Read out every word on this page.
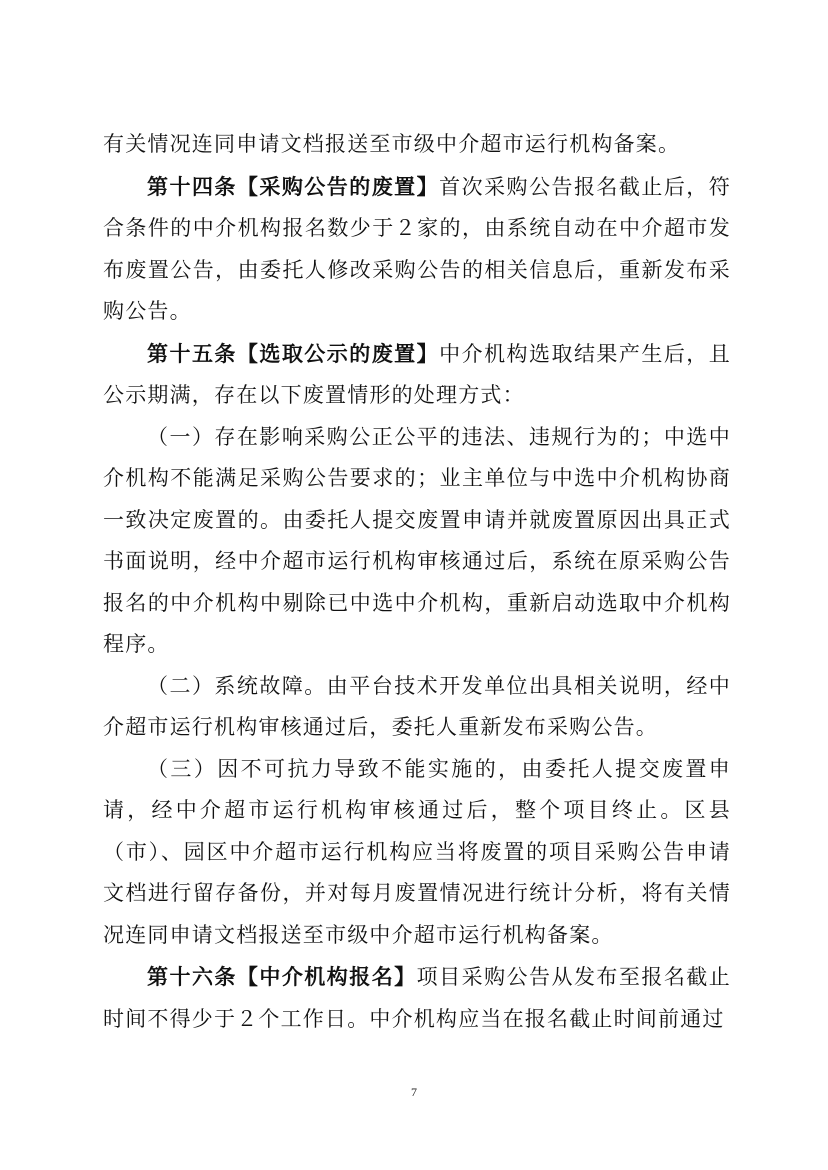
有关情况连同申请文档报送至市级中介超市运行机构备案。

第十四条【采购公告的废置】首次采购公告报名截止后，符合条件的中介机构报名数少于２家的，由系统自动在中介超市发布废置公告，由委托人修改采购公告的相关信息后，重新发布采购公告。

第十五条【选取公示的废置】中介机构选取结果产生后，且公示期满，存在以下废置情形的处理方式：

（一）存在影响采购公正公平的违法、违规行为的；中选中介机构不能满足采购公告要求的；业主单位与中选中介机构协商一致决定废置的。由委托人提交废置申请并就废置原因出具正式书面说明，经中介超市运行机构审核通过后，系统在原采购公告报名的中介机构中剔除已中选中介机构，重新启动选取中介机构程序。

（二）系统故障。由平台技术开发单位出具相关说明，经中介超市运行机构审核通过后，委托人重新发布采购公告。

（三）因不可抗力导致不能实施的，由委托人提交废置申请，经中介超市运行机构审核通过后，整个项目终止。区县（市）、园区中介超市运行机构应当将废置的项目采购公告申请文档进行留存备份，并对每月废置情况进行统计分析，将有关情况连同申请文档报送至市级中介超市运行机构备案。

第十六条【中介机构报名】项目采购公告从发布至报名截止时间不得少于２个工作日。中介机构应当在报名截止时间前通过

7
